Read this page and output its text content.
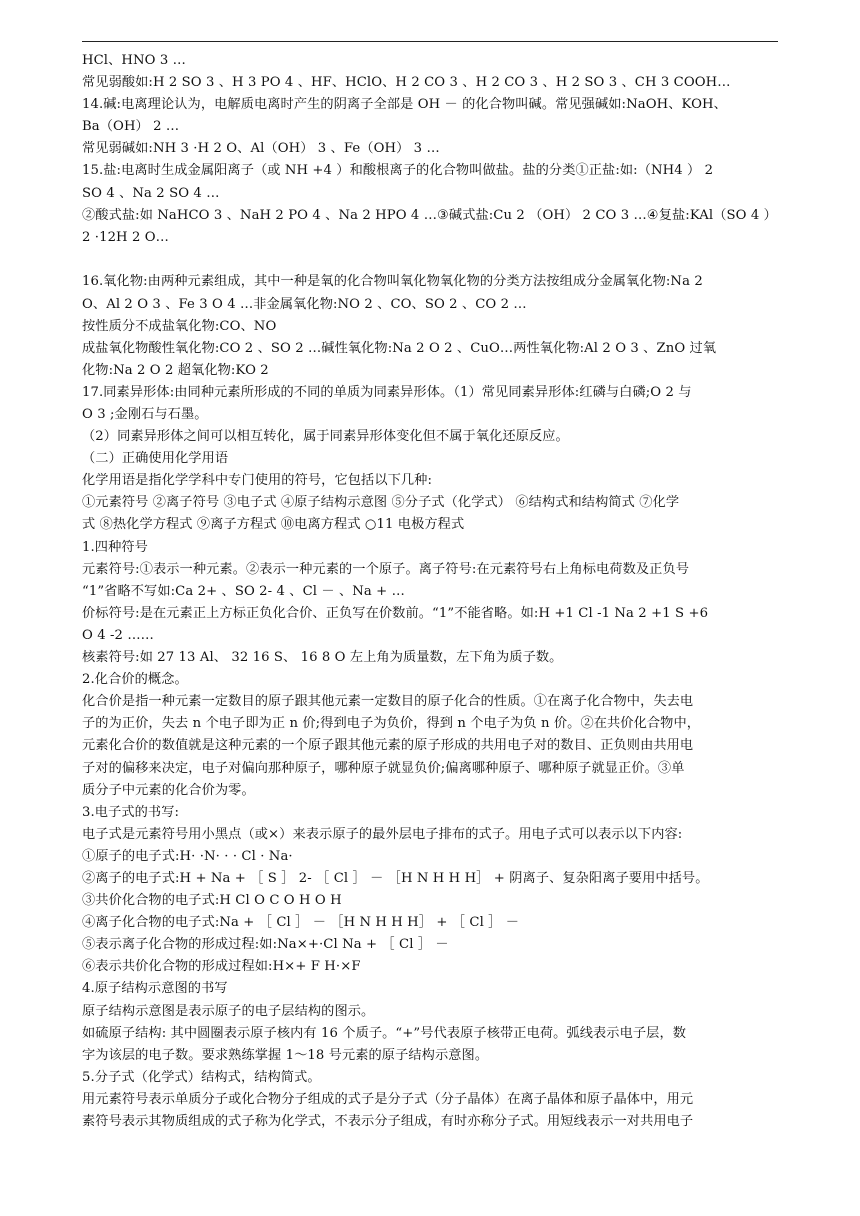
HCl、HNO 3 …

常见弱酸如:H 2 SO 3 、H 3 PO 4 、HF、HClO、H 2 CO 3 、H 2 CO 3 、H 2 SO 3 、CH 3 COOH…

14.碱:电离理论认为，电解质电离时产生的阴离子全部是 OH － 的化合物叫碱。常见强碱如:NaOH、KOH、

Ba（OH） 2 …

常见弱碱如:NH 3 ·H 2 O、Al（OH） 3 、Fe（OH） 3 …

15.盐:电离时生成金属阳离子（或 NH +4 ）和酸根离子的化合物叫做盐。盐的分类①正盐:如:（NH4 ） 2

SO 4 、Na 2 SO 4 …

②酸式盐:如 NaHCO 3 、NaH 2 PO 4 、Na 2 HPO 4 …③碱式盐:Cu 2 （OH） 2 CO 3 …④复盐:KAl（SO 4 ）

2 ·12H 2 O…

16.氧化物:由两种元素组成，其中一种是氧的化合物叫氧化物氧化物的分类方法按组成分金属氧化物:Na 2

O、Al 2 O 3 、Fe 3 O 4 …非金属氧化物:NO 2 、CO、SO 2 、CO 2 …

按性质分不成盐氧化物:CO、NO

成盐氧化物酸性氧化物:CO 2 、SO 2 …碱性氧化物:Na 2 O 2 、CuO…两性氧化物:Al 2 O 3 、ZnO 过氧

化物:Na 2 O 2 超氧化物:KO 2

17.同素异形体:由同种元素所形成的不同的单质为同素异形体。（1）常见同素异形体:红磷与白磷;O 2 与

O 3 ;金刚石与石墨。

（2）同素异形体之间可以相互转化，属于同素异形体变化但不属于氧化还原反应。

（二）正确使用化学用语

化学用语是指化学学科中专门使用的符号，它包括以下几种:

①元素符号 ②离子符号 ③电子式 ④原子结构示意图 ⑤分子式（化学式） ⑥结构式和结构简式 ⑦化学

式 ⑧热化学方程式 ⑨离子方程式 ⑩电离方程式 ○11 电极方程式

1.四种符号

元素符号:①表示一种元素。②表示一种元素的一个原子。离子符号:在元素符号右上角标电荷数及正负号

“1”省略不写如:Ca 2+ 、SO 2- 4 、Cl － 、Na + …

价标符号:是在元素正上方标正负化合价、正负写在价数前。“1”不能省略。如:H +1 Cl -1 Na 2 +1 S +6

O 4 -2 ……

核素符号:如 27 13 Al、 32 16 S、 16 8 O 左上角为质量数，左下角为质子数。

2.化合价的概念。

化合价是指一种元素一定数目的原子跟其他元素一定数目的原子化合的性质。①在离子化合物中，失去电

子的为正价，失去 n 个电子即为正 n 价;得到电子为负价，得到 n 个电子为负 n 价。②在共价化合物中，

元素化合价的数值就是这种元素的一个原子跟其他元素的原子形成的共用电子对的数目、正负则由共用电

子对的偏移来决定，电子对偏向那种原子，哪种原子就显负价;偏离哪种原子、哪种原子就显正价。③单

质分子中元素的化合价为零。

3.电子式的书写:

电子式是元素符号用小黑点（或×）来表示原子的最外层电子排布的式子。用电子式可以表示以下内容:

①原子的电子式:H· ·N· · · Cl · Na·

②离子的电子式:H + Na + ［ S ］ 2- ［ Cl ］ － ［H N H H H］ + 阴离子、复杂阳离子要用中括号。

③共价化合物的电子式:H Cl O C O H O H

④离子化合物的电子式:Na + ［ Cl ］ － ［H N H H H］ + ［ Cl ］ －

⑤表示离子化合物的形成过程:如:Na×+·Cl Na + ［ Cl ］ －

⑥表示共价化合物的形成过程如:H×+ F H·×F

4.原子结构示意图的书写

原子结构示意图是表示原子的电子层结构的图示。

如硫原子结构: 其中圆圈表示原子核内有 16 个质子。“+”号代表原子核带正电荷。弧线表示电子层，数

字为该层的电子数。要求熟练掌握 1～18 号元素的原子结构示意图。

5.分子式（化学式）结构式，结构简式。

用元素符号表示单质分子或化合物分子组成的式子是分子式（分子晶体）在离子晶体和原子晶体中，用元

素符号表示其物质组成的式子称为化学式，不表示分子组成，有时亦称分子式。用短线表示一对共用电子
